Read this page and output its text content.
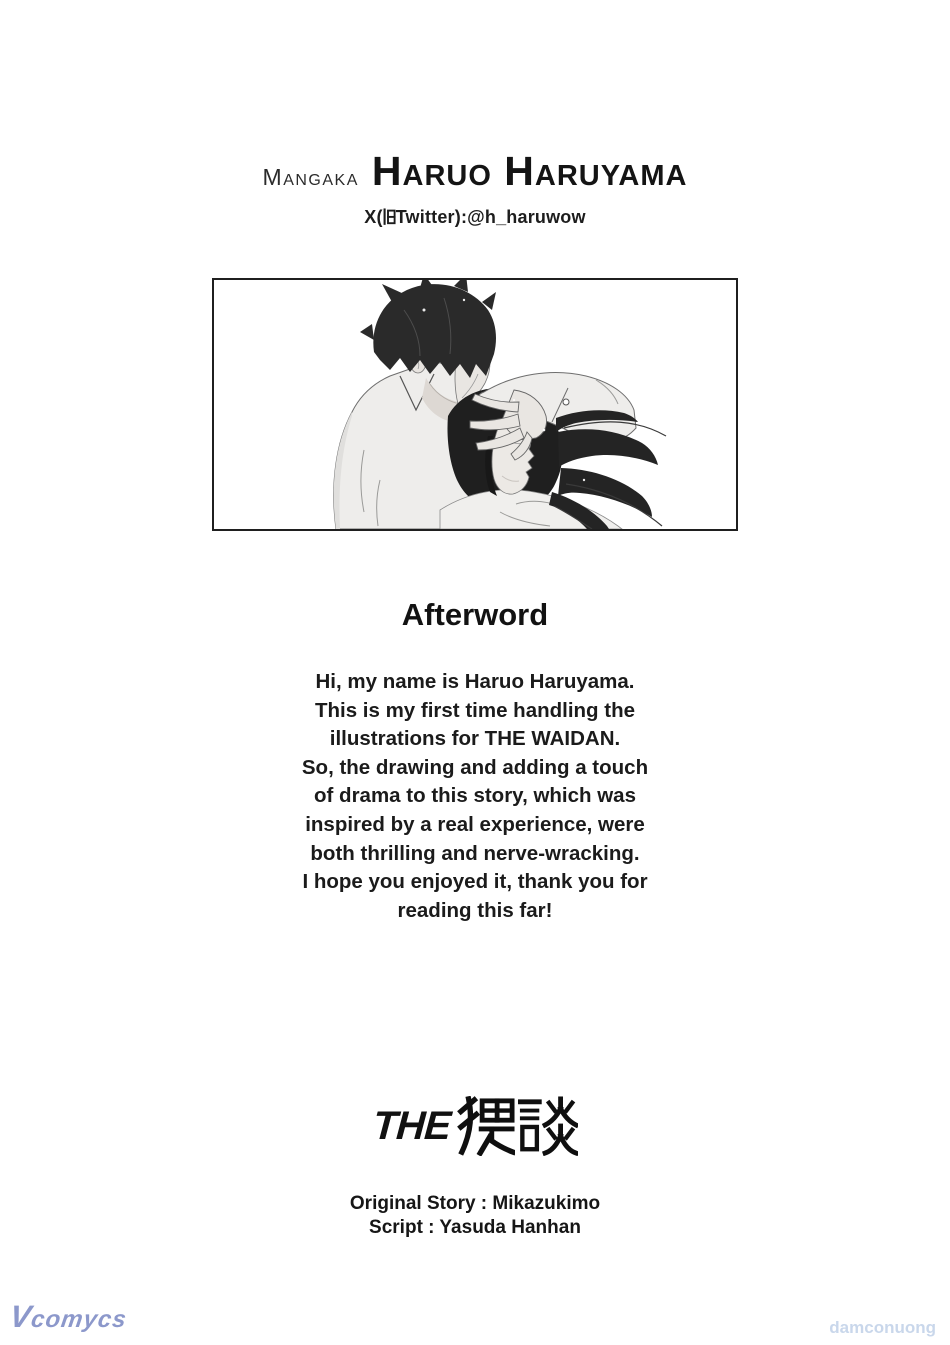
Mangaka Haruo Haruyama
X( Twitter):@h_haruwow
Afterword
Hi, my name is Haruo Haruyama.
This is my first time handling the
illustrations for THE WAIDAN.
So, the drawing and adding a touch
of drama to this story, which was
inspired by a real experience, were
both thrilling and nerve-wracking.
I hope you enjoyed it, thank you for
reading this far!
THE
Original Story : Mikazukimo
Script : Yasuda Hanhan
Vcomycs	damconuong
